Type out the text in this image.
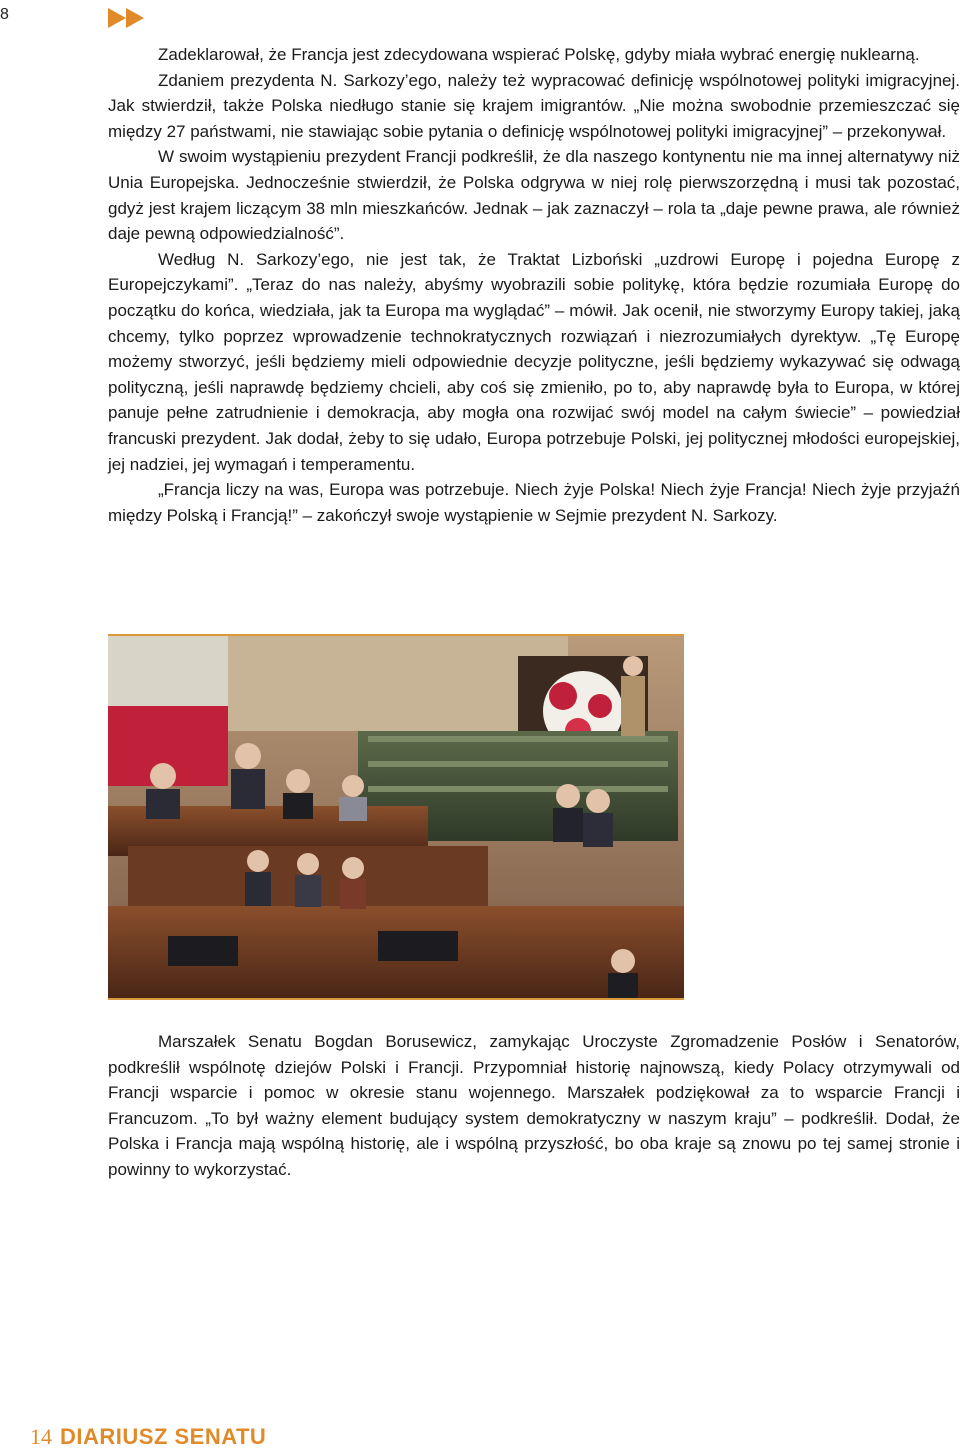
8

Zadeklarował, że Francja jest zdecydowana wspierać Polskę, gdyby miała wybrać energię nuklearną.

Zdaniem prezydenta N. Sarkozy’ego, należy też wypracować definicję wspólnotowej polityki imigracyjnej. Jak stwierdził, także Polska niedługo stanie się krajem imigrantów. „Nie można swobodnie przemieszczać się między 27 państwami, nie stawiając sobie pytania o definicję wspólnotowej polityki imigracyjnej” – przekonywał.

W swoim wystąpieniu prezydent Francji podkreślił, że dla naszego kontynentu nie ma innej alternatywy niż Unia Europejska. Jednocześnie stwierdził, że Polska odgrywa w niej rolę pierwszorzędną i musi tak pozostać, gdyż jest krajem liczącym 38 mln mieszkańców. Jednak – jak zaznaczył – rola ta „daje pewne prawa, ale również daje pewną odpowiedzialność”.

Według N. Sarkozy’ego, nie jest tak, że Traktat Lizboński „uzdrowi Europę i pojedna Europę z Europejczykami”. „Teraz do nas należy, abyśmy wyobrazili sobie politykę, która będzie rozumiała Europę do początku do końca, wiedziała, jak ta Europa ma wyglądać” – mówił. Jak ocenił, nie stworzymy Europy takiej, jaką chcemy, tylko poprzez wprowadzenie technokratycznych rozwiązań i niezrozumiałych dyrektyw. „Tę Europę możemy stworzyć, jeśli będziemy mieli odpowiednie decyzje polityczne, jeśli będziemy wykazywać się odwagą polityczną, jeśli naprawdę będziemy chcieli, aby coś się zmieniło, po to, aby naprawdę była to Europa, w której panuje pełne zatrudnienie i demokracja, aby mogła ona rozwijać swój model na całym świecie” – powiedział francuski prezydent. Jak dodał, żeby to się udało, Europa potrzebuje Polski, jej politycznej młodości europejskiej, jej nadziei, jej wymagań i temperamentu.

„Francja liczy na was, Europa was potrzebuje. Niech żyje Polska! Niech żyje Francja! Niech żyje przyjaźń między Polską i Francją!” – zakończył swoje wystąpienie w Sejmie prezydent N. Sarkozy.

Marszałek Senatu Bogdan Borusewicz, zamykając Uroczyste Zgromadzenie Posłów i Senatorów, podkreślił wspólnotę dziejów Polski i Francji. Przypomniał historię najnowszą, kiedy Polacy otrzymywali od Francji wsparcie i pomoc w okresie stanu wojennego. Marszałek podziękował za to wsparcie Francji i Francuzom. „To był ważny element budujący system demokratyczny w naszym kraju” – podkreślił. Dodał, że Polska i Francja mają wspólną historię, ale i wspólną przyszłość, bo oba kraje są znowu po tej samej stronie i powinny to wykorzystać.

14 DIARIUSZ SENATU
